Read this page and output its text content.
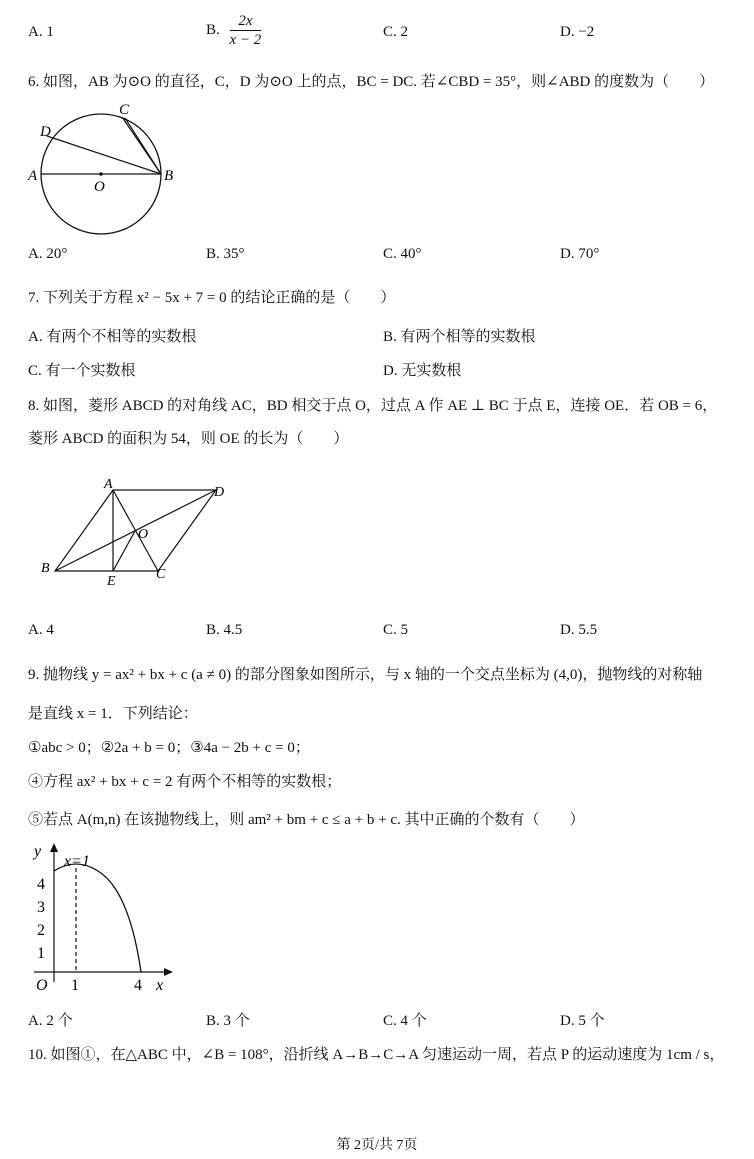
A. 1	B. $\frac{2x}{x - 2}$	C. 2	D. −2
6. 如图，AB 为⊙O 的直径，C，D 为⊙O 上的点，BC = DC. 若∠CBD = 35°，则∠ABD 的度数为（　　）
C
D
A
O
B
A. 20°	B. 35°	C. 40°	D. 70°
7. 下列关于方程 x² − 5x + 7 = 0 的结论正确的是（　　）
A. 有两个不相等的实数根	B. 有两个相等的实数根
C. 有一个实数根	D. 无实数根
8. 如图，菱形 ABCD 的对角线 AC，BD 相交于点 O，过点 A 作 AE ⊥ BC 于点 E，连接 OE．若 OB = 6，
菱形 ABCD 的面积为 54，则 OE 的长为（　　）
A
D
O
B
E	C
A. 4	B. 4.5	C. 5	D. 5.5
9. 抛物线 y = ax² + bx + c (a ≠ 0) 的部分图象如图所示，与 x 轴的一个交点坐标为 (4,0)，抛物线的对称轴
是直线 x = 1．下列结论：
①abc > 0；②2a + b = 0；③4a − 2b + c = 0；
④方程 ax² + bx + c = 2 有两个不相等的实数根；
⑤若点 A(m,n) 在该抛物线上，则 am² + bm + c ≤ a + b + c. 其中正确的个数有（　　）
y
x
x=1
O
4
3
2
1
1	4
A. 2 个	B. 3 个	C. 4 个	D. 5 个
10. 如图①，在△ABC 中，∠B = 108°，沿折线 A→B→C→A 匀速运动一周，若点 P 的运动速度为 1cm / s，
第 2页/共 7页
